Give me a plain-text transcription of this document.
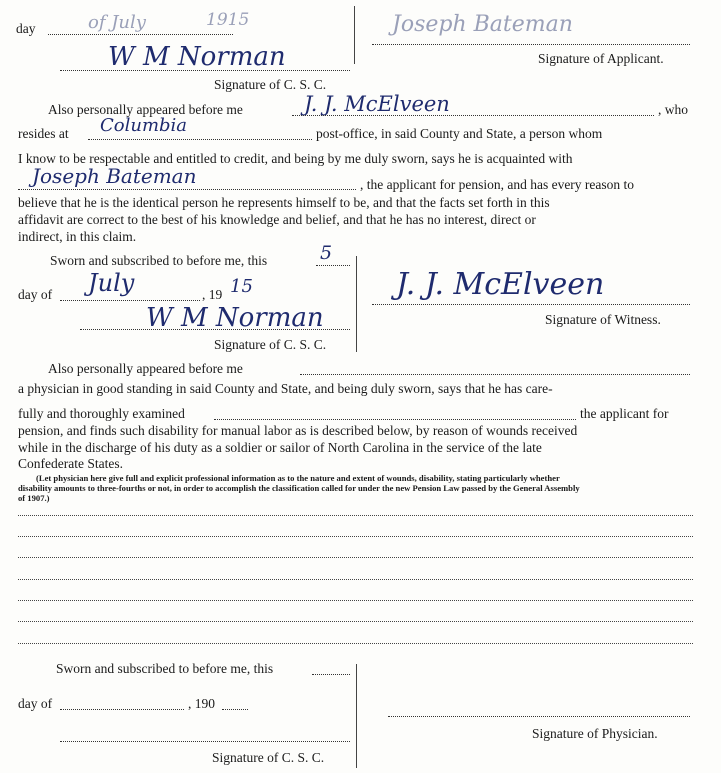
day	of July	1915	Joseph Bateman
Signature of Applicant.
W M Norman
Signature of C. S. C.
Also personally appeared before me	J. J. McElveen	, who
resides at Columbia	post-office, in said County and State, a person whom
I know to be respectable and entitled to credit, and being by me duly sworn, says he is acquainted with
Joseph Bateman	, the applicant for pension, and has every reason to
believe that he is the identical person he represents himself to be, and that the facts set forth in this
affidavit are correct to the best of his knowledge and belief, and that he has no interest, direct or
indirect, in this claim.
Sworn and subscribed to before me, this	5
day of July	, 19 15
W M Norman
Signature of C. S. C.
J. J. McElveen
Signature of Witness.
Also personally appeared before me
a physician in good standing in said County and State, and being duly sworn, says that he has care-
fully and thoroughly examined	the applicant for
pension, and finds such disability for manual labor as is described below, by reason of wounds received
while in the discharge of his duty as a soldier or sailor of North Carolina in the service of the late
Confederate States.
(Let physician here give full and explicit professional information as to the nature and extent of wounds, disability, stating particularly whether
disability amounts to three-fourths or not, in order to accomplish the classification called for under the new Pension Law passed by the General Assembly
of 1907.)
Sworn and subscribed to before me, this
day of	, 190
Signature of Physician.
Signature of C. S. C.
